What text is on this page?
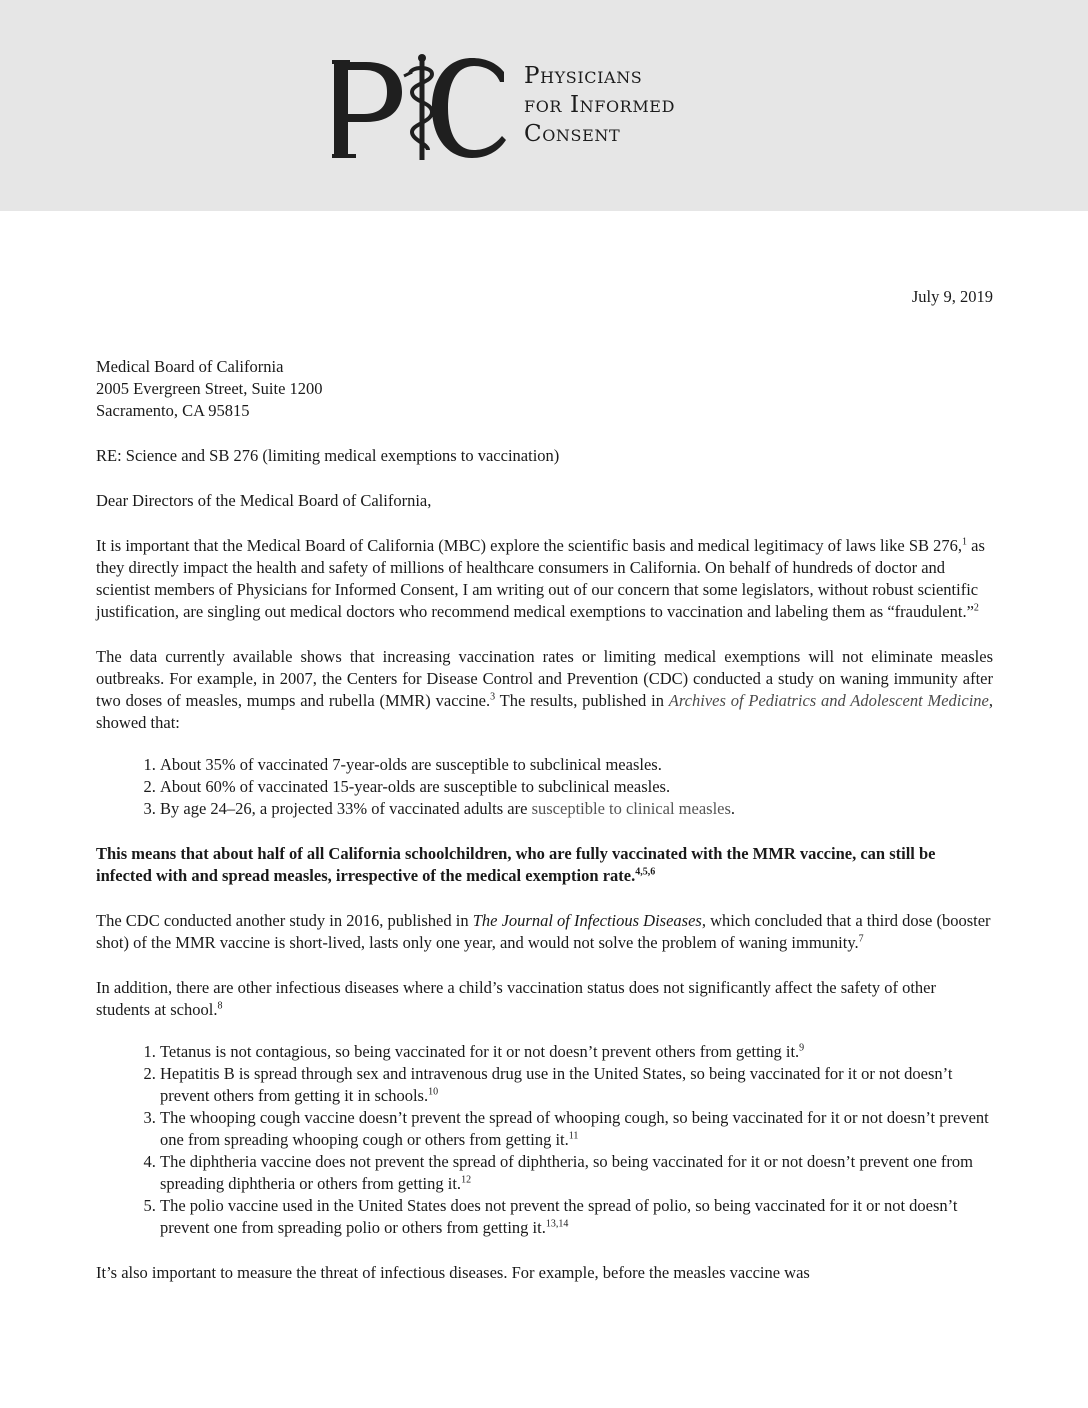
Physicians
for Informed
Consent

July 9, 2019

Medical Board of California
2005 Evergreen Street, Suite 1200
Sacramento, CA 95815

RE: Science and SB 276 (limiting medical exemptions to vaccination)

Dear Directors of the Medical Board of California,

It is important that the Medical Board of California (MBC) explore the scientific basis and medical legitimacy of laws like SB 276,$^1$ as they directly impact the health and safety of millions of healthcare consumers in California. On behalf of hundreds of doctor and scientist members of Physicians for Informed Consent, I am writing out of our concern that some legislators, without robust scientific justification, are singling out medical doctors who recommend medical exemptions to vaccination and labeling them as “fraudulent.”$^2$

The data currently available shows that increasing vaccination rates or limiting medical exemptions will not eliminate measles outbreaks. For example, in 2007, the Centers for Disease Control and Prevention (CDC) conducted a study on waning immunity after two doses of measles, mumps and rubella (MMR) vaccine.$^3$ The results, published in Archives of Pediatrics and Adolescent Medicine, showed that:

1. About 35% of vaccinated 7-year-olds are susceptible to subclinical measles.
2. About 60% of vaccinated 15-year-olds are susceptible to subclinical measles.
3. By age 24–26, a projected 33% of vaccinated adults are susceptible to clinical measles.

This means that about half of all California schoolchildren, who are fully vaccinated with the MMR vaccine, can still be infected with and spread measles, irrespective of the medical exemption rate.$^{4,5,6}$

The CDC conducted another study in 2016, published in The Journal of Infectious Diseases, which concluded that a third dose (booster shot) of the MMR vaccine is short-lived, lasts only one year, and would not solve the problem of waning immunity.$^7$

In addition, there are other infectious diseases where a child’s vaccination status does not significantly affect the safety of other students at school.$^8$

1. Tetanus is not contagious, so being vaccinated for it or not doesn’t prevent others from getting it.$^9$
2. Hepatitis B is spread through sex and intravenous drug use in the United States, so being vaccinated for it or not doesn’t prevent others from getting it in schools.$^{10}$
3. The whooping cough vaccine doesn’t prevent the spread of whooping cough, so being vaccinated for it or not doesn’t prevent one from spreading whooping cough or others from getting it.$^{11}$
4. The diphtheria vaccine does not prevent the spread of diphtheria, so being vaccinated for it or not doesn’t prevent one from spreading diphtheria or others from getting it.$^{12}$
5. The polio vaccine used in the United States does not prevent the spread of polio, so being vaccinated for it or not doesn’t prevent one from spreading polio or others from getting it.$^{13,14}$

It’s also important to measure the threat of infectious diseases. For example, before the measles vaccine was
